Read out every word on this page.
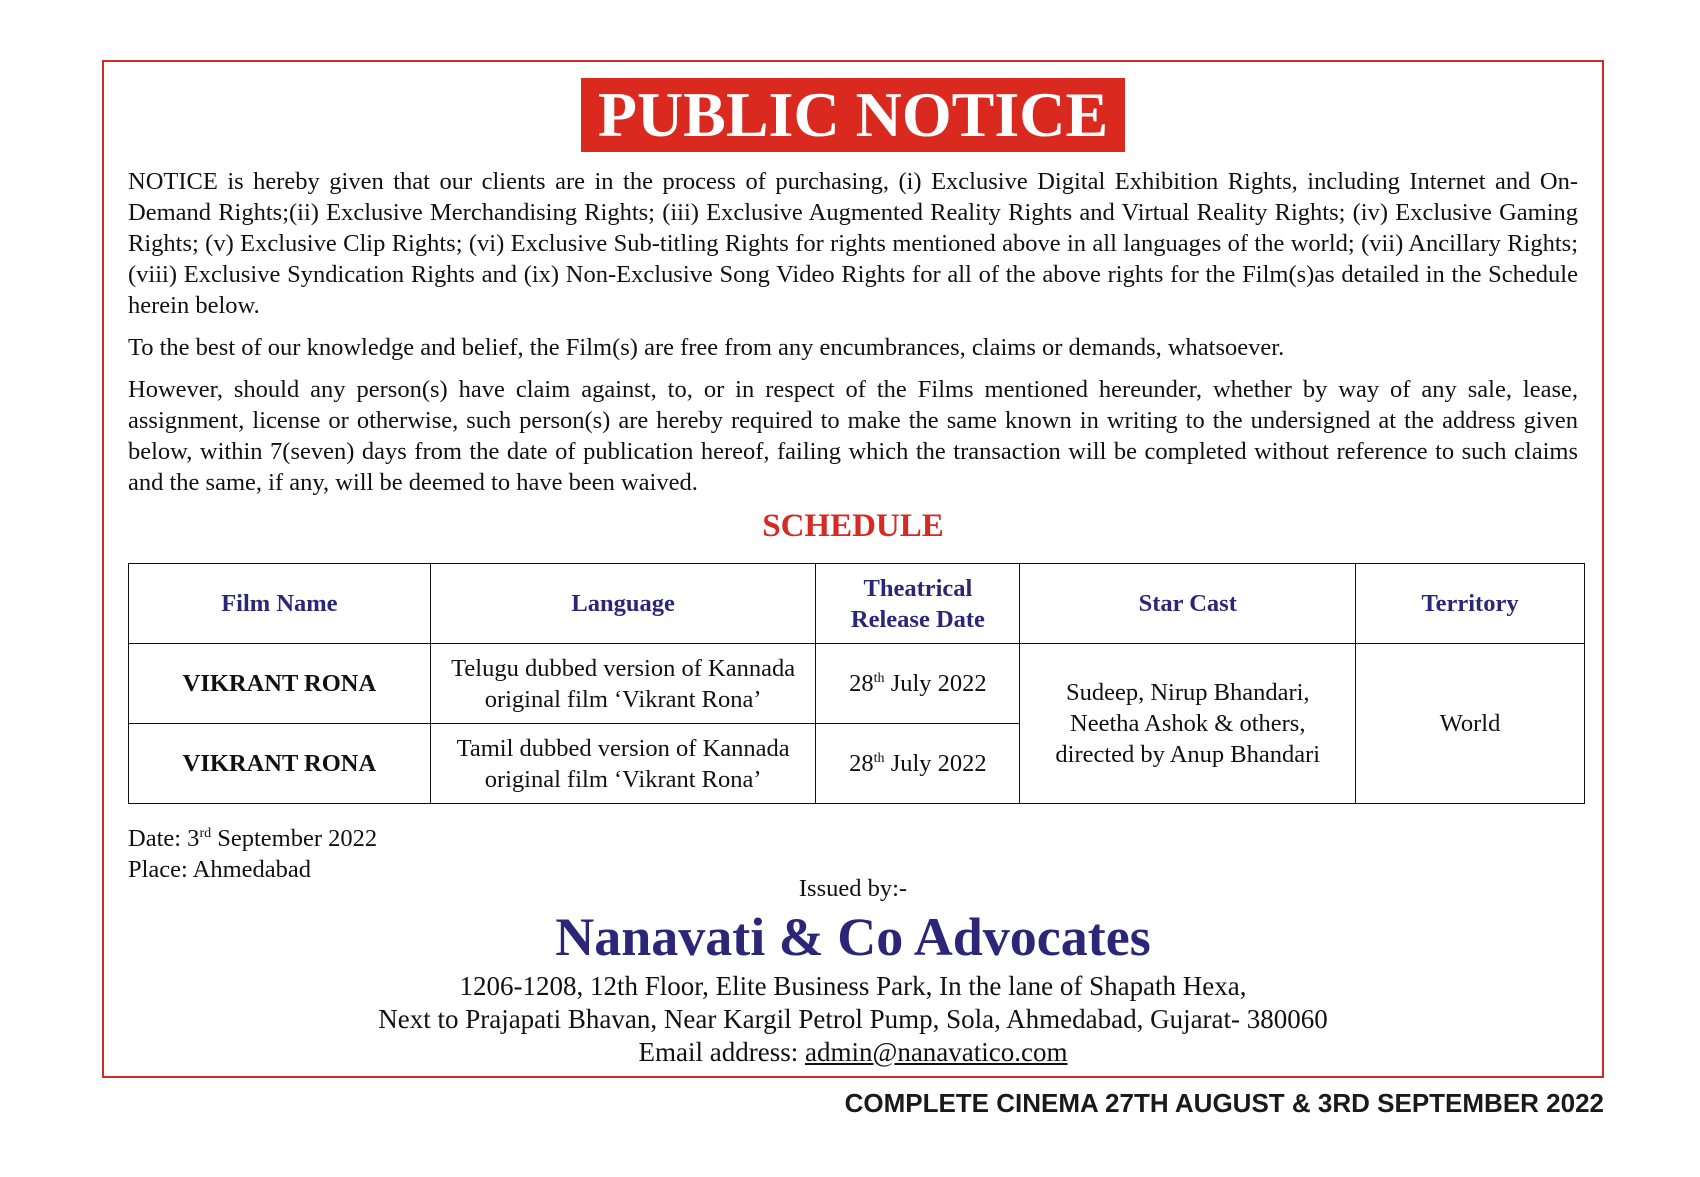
PUBLIC NOTICE

NOTICE is hereby given that our clients are in the process of purchasing, (i) Exclusive Digital Exhibition Rights, including Internet and On-Demand Rights;(ii) Exclusive Merchandising Rights; (iii) Exclusive Augmented Reality Rights and Virtual Reality Rights; (iv) Exclusive Gaming Rights; (v) Exclusive Clip Rights; (vi) Exclusive Sub-titling Rights for rights mentioned above in all languages of the world; (vii) Ancillary Rights; (viii) Exclusive Syndication Rights and (ix) Non-Exclusive Song Video Rights for all of the above rights for the Film(s)as detailed in the Schedule herein below.

To the best of our knowledge and belief, the Film(s) are free from any encumbrances, claims or demands, whatsoever.

However, should any person(s) have claim against, to, or in respect of the Films mentioned hereunder, whether by way of any sale, lease, assignment, license or otherwise, such person(s) are hereby required to make the same known in writing to the undersigned at the address given below, within 7(seven) days from the date of publication hereof, failing which the transaction will be completed without reference to such claims and the same, if any, will be deemed to have been waived.

SCHEDULE
Film Name	Language	Theatrical Release Date	Star Cast	Territory
VIKRANT RONA	Telugu dubbed version of Kannada original film ‘Vikrant Rona’	28th July 2022	Sudeep, Nirup Bhandari, Neetha Ashok & others, directed by Anup Bhandari	World
VIKRANT RONA	Tamil dubbed version of Kannada original film ‘Vikrant Rona’	28th July 2022		
Date: 3rd September 2022
Place: Ahmedabad
Issued by:-
Nanavati & Co Advocates
1206-1208, 12th Floor, Elite Business Park, In the lane of Shapath Hexa,
Next to Prajapati Bhavan, Near Kargil Petrol Pump, Sola, Ahmedabad, Gujarat- 380060
Email address: admin@nanavatico.com
COMPLETE CINEMA 27TH AUGUST & 3RD SEPTEMBER 2022
